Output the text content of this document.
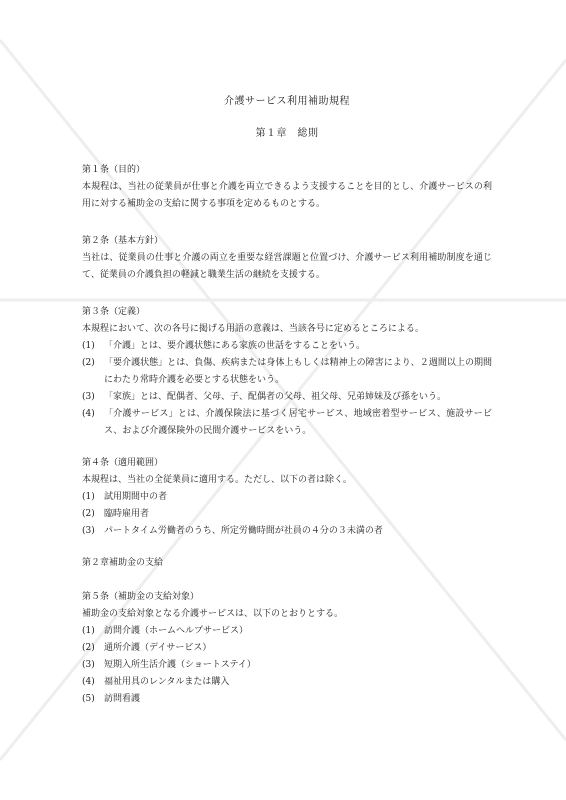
介護サービス利用補助規程
第１章　総則
第１条（目的）
本規程は、当社の従業員が仕事と介護を両立できるよう支援することを目的とし、介護サービスの利用に対する補助金の支給に関する事項を定めるものとする。
第２条（基本方針）
当社は、従業員の仕事と介護の両立を重要な経営課題と位置づけ、介護サービス利用補助制度を通じて、従業員の介護負担の軽減と職業生活の継続を支援する。
第３条（定義）
本規程において、次の各号に掲げる用語の意義は、当該各号に定めるところによる。
(1)	「介護」とは、要介護状態にある家族の世話をすることをいう。
(2)	「要介護状態」とは、負傷、疾病または身体上もしくは精神上の障害により、２週間以上の期間にわたり常時介護を必要とする状態をいう。
(3)	「家族」とは、配偶者、父母、子、配偶者の父母、祖父母、兄弟姉妹及び孫をいう。
(4)	「介護サービス」とは、介護保険法に基づく居宅サービス、地域密着型サービス、施設サービス、および介護保険外の民間介護サービスをいう。
第４条（適用範囲）
本規程は、当社の全従業員に適用する。ただし、以下の者は除く。
(1)	試用期間中の者
(2)	臨時雇用者
(3)	パートタイム労働者のうち、所定労働時間が社員の４分の３未満の者
第２章補助金の支給
第５条（補助金の支給対象）
補助金の支給対象となる介護サービスは、以下のとおりとする。
(1)	訪問介護（ホームヘルプサービス）
(2)	通所介護（デイサービス）
(3)	短期入所生活介護（ショートステイ）
(4)	福祉用具のレンタルまたは購入
(5)	訪問看護
